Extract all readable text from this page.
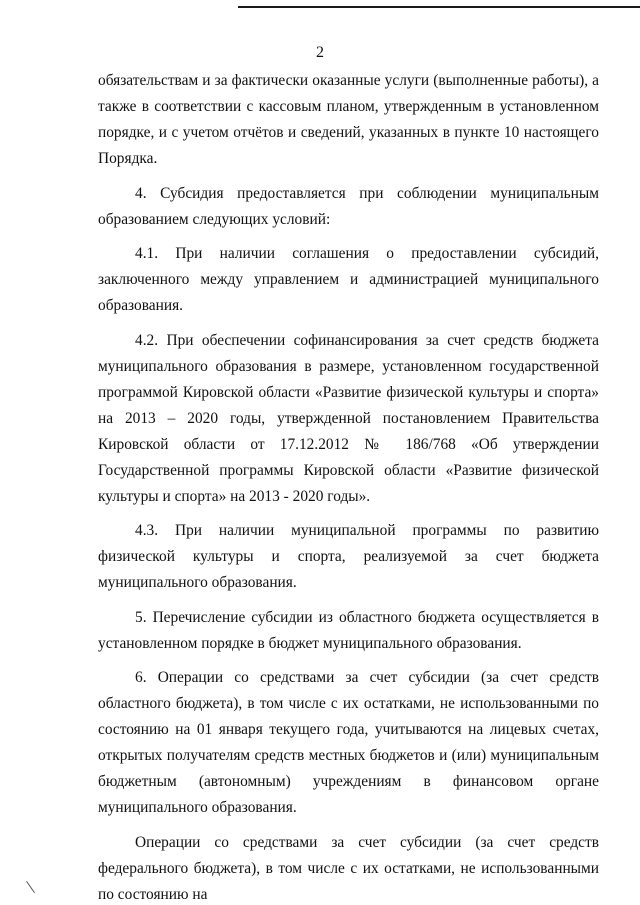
2

обязательствам и за фактически оказанные услуги (выполненные работы), а также в соответствии с кассовым планом, утвержденным в установленном порядке, и с учетом отчётов и сведений, указанных в пункте 10 настоящего Порядка.

4. Субсидия предоставляется при соблюдении муниципальным образованием следующих условий:

4.1. При наличии соглашения о предоставлении субсидий, заключенного между управлением и администрацией муниципального образования.

4.2. При обеспечении софинансирования за счет средств бюджета муниципального образования в размере, установленном государственной программой Кировской области «Развитие физической культуры и спорта» на 2013 – 2020 годы, утвержденной постановлением Правительства Кировской области от 17.12.2012 № 186/768 «Об утверждении Государственной программы Кировской области «Развитие физической культуры и спорта» на 2013 - 2020 годы».

4.3. При наличии муниципальной программы по развитию физической культуры и спорта, реализуемой за счет бюджета муниципального образования.

5. Перечисление субсидии из областного бюджета осуществляется в установленном порядке в бюджет муниципального образования.

6. Операции со средствами за счет субсидии (за счет средств областного бюджета), в том числе с их остатками, не использованными по состоянию на 01 января текущего года, учитываются на лицевых счетах, открытых получателям средств местных бюджетов и (или) муниципальным бюджетным (автономным) учреждениям в финансовом органе муниципального образования.

Операции со средствами за счет субсидии (за счет средств федерального бюджета), в том числе с их остатками, не использованными по состоянию на
